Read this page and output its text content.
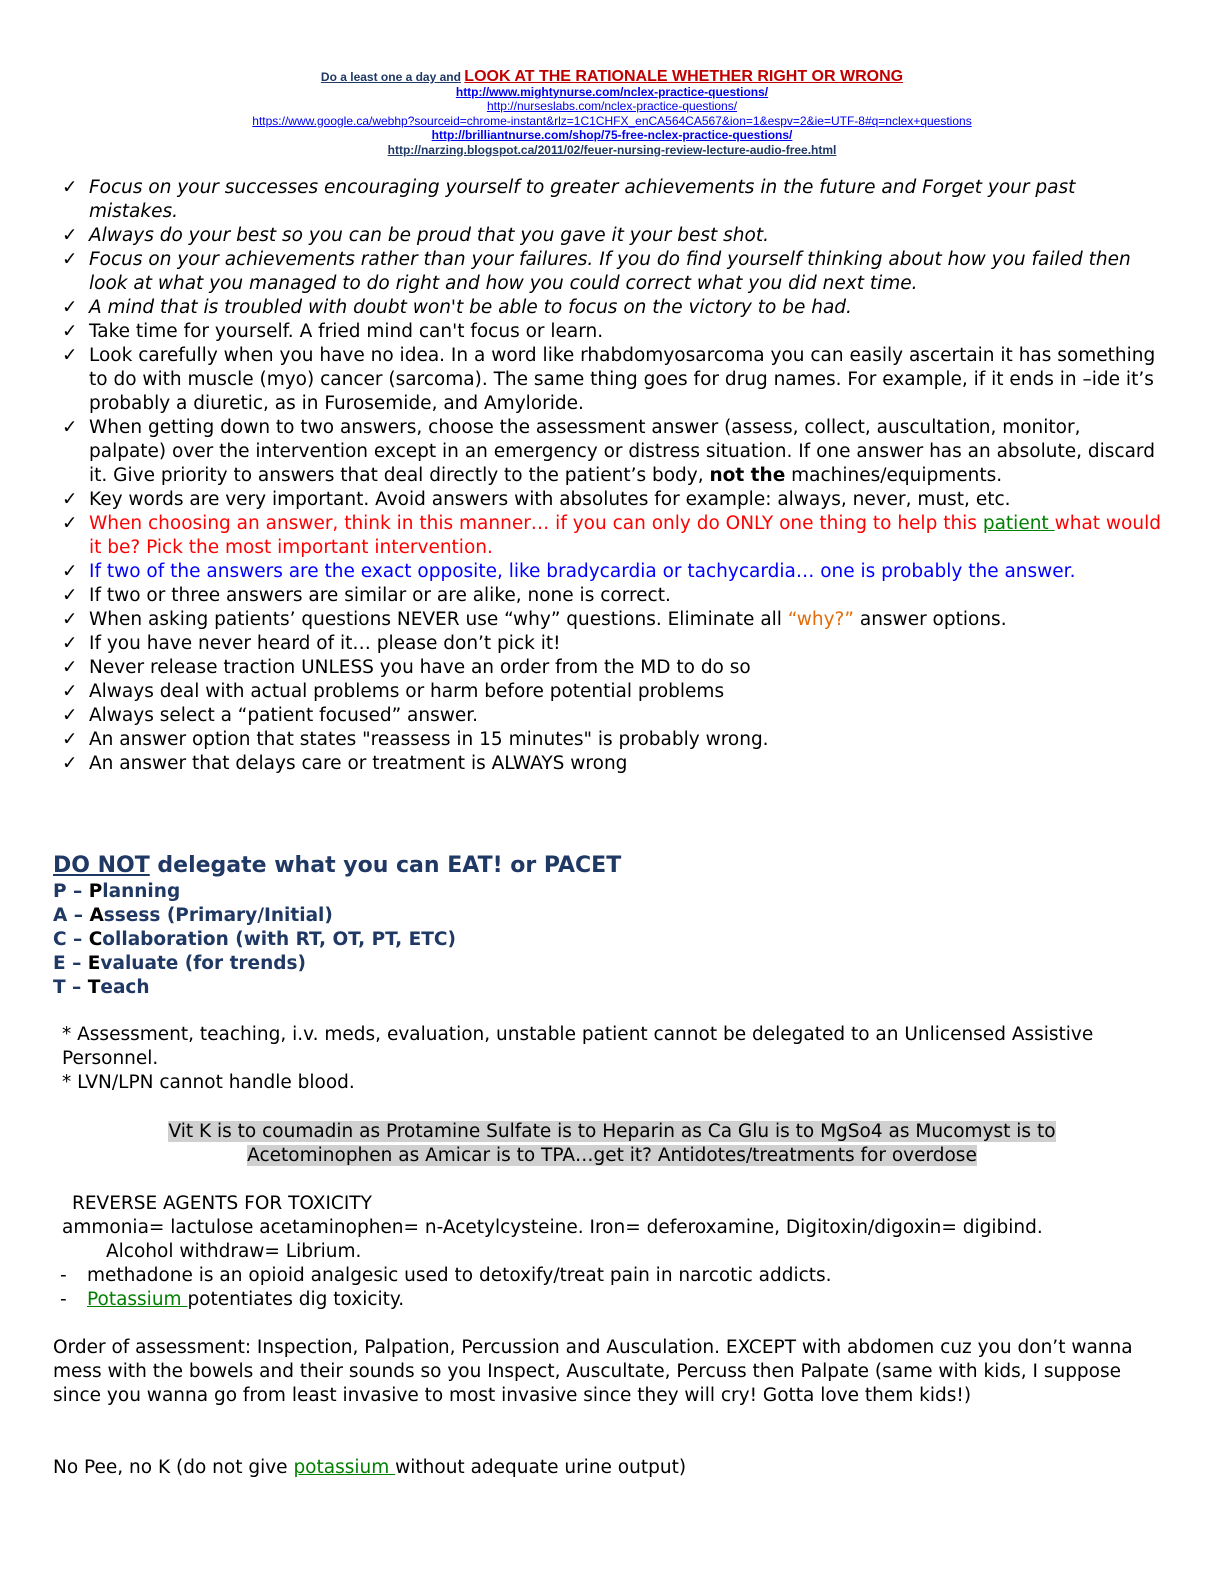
Do a least one a day and LOOK AT THE RATIONALE WHETHER RIGHT OR WRONG
http://www.mightynurse.com/nclex-practice-questions/
http://nurseslabs.com/nclex-practice-questions/
https://www.google.ca/webhp?sourceid=chrome-instant&rlz=1C1CHFX_enCA564CA567&ion=1&espv=2&ie=UTF-8#q=nclex+questions
http://brilliantnurse.com/shop/75-free-nclex-practice-questions/
http://narzing.blogspot.ca/2011/02/feuer-nursing-review-lecture-audio-free.html
✓ Focus on your successes encouraging yourself to greater achievements in the future and Forget your past mistakes.
✓ Always do your best so you can be proud that you gave it your best shot.
✓ Focus on your achievements rather than your failures. If you do find yourself thinking about how you failed then look at what you managed to do right and how you could correct what you did next time.
✓ A mind that is troubled with doubt won't be able to focus on the victory to be had.
✓ Take time for yourself. A fried mind can't focus or learn.
✓ Look carefully when you have no idea. In a word like rhabdomyosarcoma you can easily ascertain it has something to do with muscle (myo) cancer (sarcoma). The same thing goes for drug names. For example, if it ends in –ide it’s probably a diuretic, as in Furosemide, and Amyloride.
✓ When getting down to two answers, choose the assessment answer (assess, collect, auscultation, monitor, palpate) over the intervention except in an emergency or distress situation. If one answer has an absolute, discard it. Give priority to answers that deal directly to the patient’s body, not the machines/equipments.
✓ Key words are very important. Avoid answers with absolutes for example: always, never, must, etc.
✓ When choosing an answer, think in this manner… if you can only do ONLY one thing to help this patient what would it be? Pick the most important intervention.
✓ If two of the answers are the exact opposite, like bradycardia or tachycardia… one is probably the answer.
✓ If two or three answers are similar or are alike, none is correct.
✓ When asking patients’ questions NEVER use “why” questions. Eliminate all “why?” answer options.
✓ If you have never heard of it… please don’t pick it!
✓ Never release traction UNLESS you have an order from the MD to do so
✓ Always deal with actual problems or harm before potential problems
✓ Always select a “patient focused” answer.
✓ An answer option that states "reassess in 15 minutes" is probably wrong.
✓ An answer that delays care or treatment is ALWAYS wrong
DO NOT delegate what you can EAT! or PACET
P – Planning
A – Assess (Primary/Initial)
C – Collaboration (with RT, OT, PT, ETC)
E – Evaluate (for trends)
T – Teach
* Assessment, teaching, i.v. meds, evaluation, unstable patient cannot be delegated to an Unlicensed Assistive Personnel.
* LVN/LPN cannot handle blood.
Vit K is to coumadin as Protamine Sulfate is to Heparin as Ca Glu is to MgSo4 as Mucomyst is to
Acetominophen as Amicar is to TPA…get it? Antidotes/treatments for overdose
REVERSE AGENTS FOR TOXICITY
ammonia= lactulose acetaminophen= n-Acetylcysteine. Iron= deferoxamine, Digitoxin/digoxin= digibind.
Alcohol withdraw= Librium.
- methadone is an opioid analgesic used to detoxify/treat pain in narcotic addicts.
- Potassium potentiates dig toxicity.
Order of assessment: Inspection, Palpation, Percussion and Ausculation. EXCEPT with abdomen cuz you don’t wanna mess with the bowels and their sounds so you Inspect, Auscultate, Percuss then Palpate (same with kids, I suppose since you wanna go from least invasive to most invasive since they will cry! Gotta love them kids!)
No Pee, no K (do not give potassium without adequate urine output)
